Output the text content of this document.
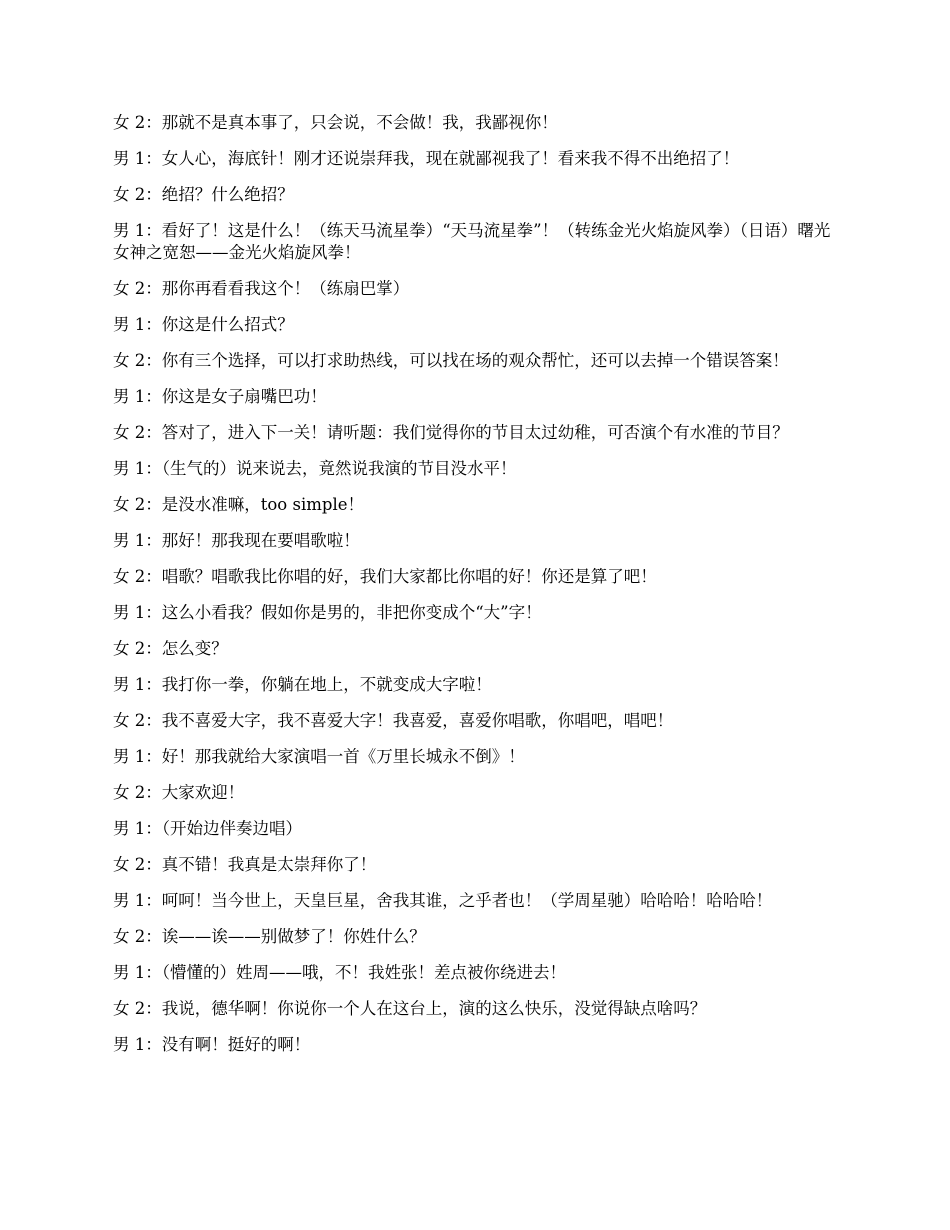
女 2：那就不是真本事了，只会说，不会做！我，我鄙视你！

男 1：女人心，海底针！刚才还说崇拜我，现在就鄙视我了！看来我不得不出绝招了！

女 2：绝招？什么绝招？

男 1：看好了！这是什么！（练天马流星拳）“天马流星拳”！（转练金光火焰旋风拳）（日语）曙光女神之宽恕——金光火焰旋风拳！

女 2：那你再看看我这个！（练扇巴掌）

男 1：你这是什么招式？

女 2：你有三个选择，可以打求助热线，可以找在场的观众帮忙，还可以去掉一个错误答案！

男 1：你这是女子扇嘴巴功！

女 2：答对了，进入下一关！请听题：我们觉得你的节目太过幼稚，可否演个有水准的节目？

男 1：（生气的）说来说去，竟然说我演的节目没水平！

女 2：是没水准嘛，too simple！

男 1：那好！那我现在要唱歌啦！

女 2：唱歌？唱歌我比你唱的好，我们大家都比你唱的好！你还是算了吧！

男 1：这么小看我？假如你是男的，非把你变成个“大”字！

女 2：怎么变？

男 1：我打你一拳，你躺在地上，不就变成大字啦！

女 2：我不喜爱大字，我不喜爱大字！我喜爱，喜爱你唱歌，你唱吧，唱吧！

男 1：好！那我就给大家演唱一首《万里长城永不倒》！

女 2：大家欢迎！

男 1：（开始边伴奏边唱）

女 2：真不错！我真是太崇拜你了！

男 1：呵呵！当今世上，天皇巨星，舍我其谁，之乎者也！（学周星驰）哈哈哈！哈哈哈！

女 2：诶——诶——别做梦了！你姓什么？

男 1：（懵懂的）姓周——哦，不！我姓张！差点被你绕进去！

女 2：我说，德华啊！你说你一个人在这台上，演的这么快乐，没觉得缺点啥吗？

男 1：没有啊！挺好的啊！
